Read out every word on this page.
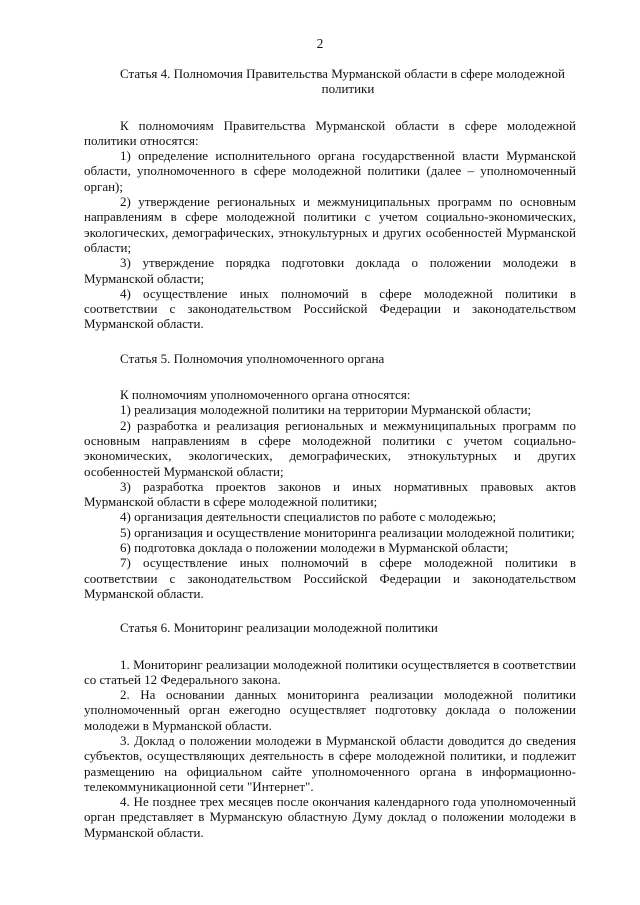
2
Статья 4. Полномочия Правительства Мурманской области в сфере молодежной
политики

К полномочиям Правительства Мурманской области в сфере молодежной политики относятся:

1) определение исполнительного органа государственной власти Мурманской области, уполномоченного в сфере молодежной политики (далее – уполномоченный орган);

2) утверждение региональных и межмуниципальных программ по основным направлениям в сфере молодежной политики с учетом социально-экономических, экологических, демографических, этнокультурных и других особенностей Мурманской области;

3) утверждение порядка подготовки доклада о положении молодежи в Мурманской области;

4) осуществление иных полномочий в сфере молодежной политики в соответствии с законодательством Российской Федерации и законодательством Мурманской области.

Статья 5. Полномочия уполномоченного органа

К полномочиям уполномоченного органа относятся:

1) реализация молодежной политики на территории Мурманской области;

2) разработка и реализация региональных и межмуниципальных программ по основным направлениям в сфере молодежной политики с учетом социально-экономических, экологических, демографических, этнокультурных и других особенностей Мурманской области;

3) разработка проектов законов и иных нормативных правовых актов Мурманской области в сфере молодежной политики;

4) организация деятельности специалистов по работе с молодежью;

5) организация и осуществление мониторинга реализации молодежной политики;

6) подготовка доклада о положении молодежи в Мурманской области;

7) осуществление иных полномочий в сфере молодежной политики в соответствии с законодательством Российской Федерации и законодательством Мурманской области.

Статья 6. Мониторинг реализации молодежной политики

1. Мониторинг реализации молодежной политики осуществляется в соответствии со статьей 12 Федерального закона.

2. На основании данных мониторинга реализации молодежной политики уполномоченный орган ежегодно осуществляет подготовку доклада о положении молодежи в Мурманской области.

3. Доклад о положении молодежи в Мурманской области доводится до сведения субъектов, осуществляющих деятельность в сфере молодежной политики, и подлежит размещению на официальном сайте уполномоченного органа в информационно-телекоммуникационной сети "Интернет".

4. Не позднее трех месяцев после окончания календарного года уполномоченный орган представляет в Мурманскую областную Думу доклад о положении молодежи в Мурманской области.
